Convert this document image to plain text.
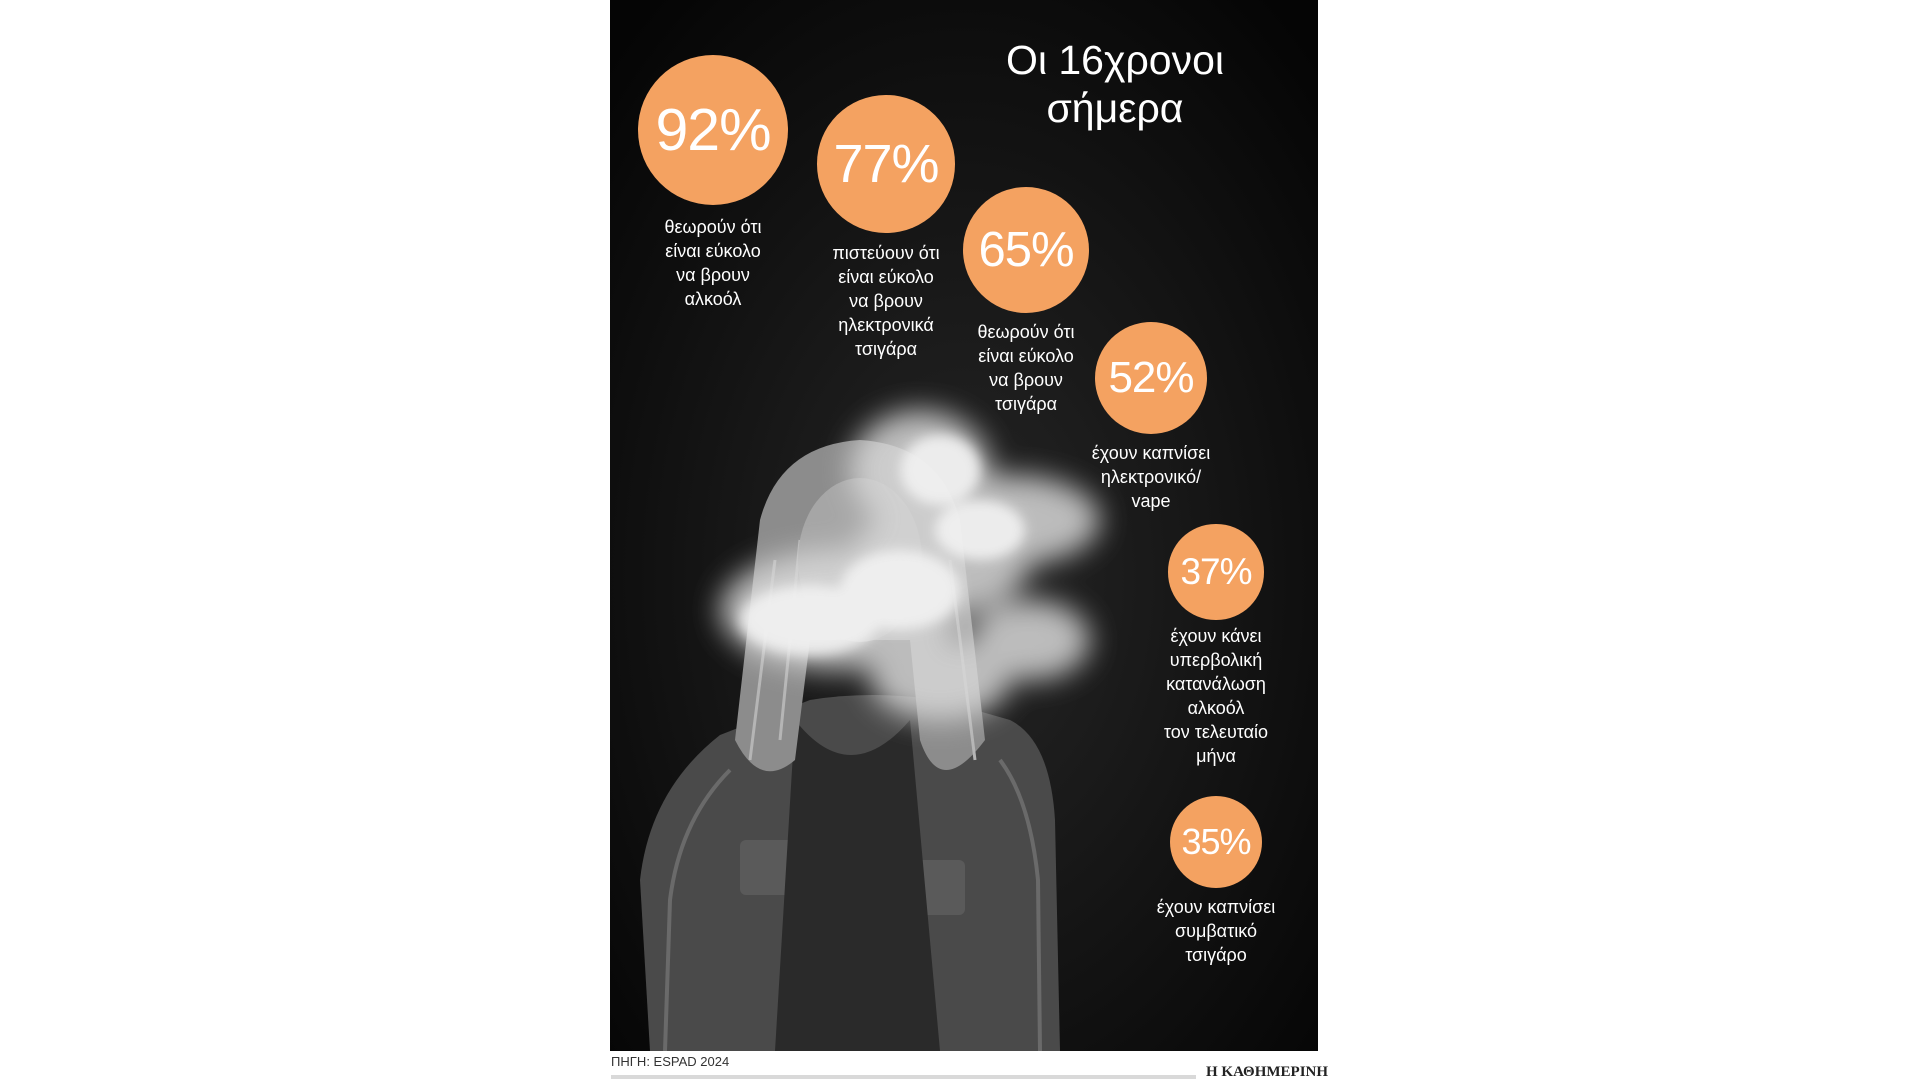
Οι 16χρονοι
σήμερα
92%
θεωρούν ότι
είναι εύκολο
να βρουν
αλκοόλ
77%
πιστεύουν ότι
είναι εύκολο
να βρουν
ηλεκτρονικά
τσιγάρα
65%
θεωρούν ότι
είναι εύκολο
να βρουν
τσιγάρα
52%
έχουν καπνίσει
ηλεκτρονικό/
vape
37%
έχουν κάνει
υπερβολική
κατανάλωση
αλκοόλ
τον τελευταίο
μήνα
35%
έχουν καπνίσει
συμβατικό
τσιγάρο
ΠΗΓΗ: ESPAD 2024
Η ΚΑΘΗΜΕΡΙΝΗ
